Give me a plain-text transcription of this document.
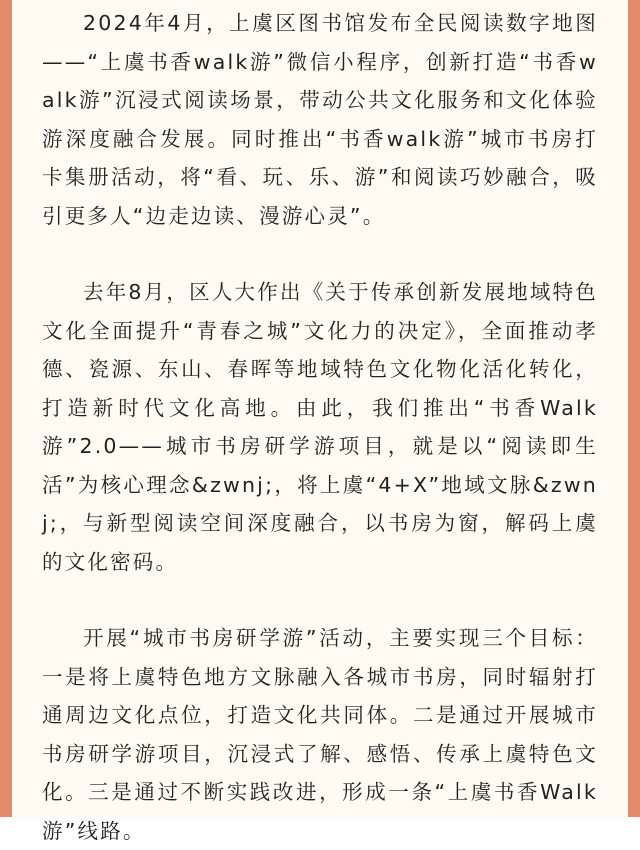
2024年4月，上虞区图书馆发布全民阅读数字地图——“上虞书香walk游”微信小程序，创新打造“书香walk游”沉浸式阅读场景，带动公共文化服务和文化体验游深度融合发展。同时推出“书香walk游”城市书房打卡集册活动，将“看、玩、乐、游”和阅读巧妙融合，吸引更多人“边走边读、漫游心灵”。

去年8月，区人大作出《关于传承创新发展地域特色文化全面提升“青春之城”文化力的决定》，全面推动孝德、瓷源、东山、春晖等地域特色文化物化活化转化，打造新时代文化高地。由此，我们推出“书香Walk游”2.0——城市书房研学游项目，就是以“阅读即生活”为核心理念&zwnj;，将上虞“4+X”地域文脉&zwnj;，与新型阅读空间深度融合，以书房为窗，解码上虞的文化密码。

开展“城市书房研学游”活动，主要实现三个目标：一是将上虞特色地方文脉融入各城市书房，同时辐射打通周边文化点位，打造文化共同体。二是通过开展城市书房研学游项目，沉浸式了解、感悟、传承上虞特色文化。三是通过不断实践改进，形成一条“上虞书香Walk游”线路。
